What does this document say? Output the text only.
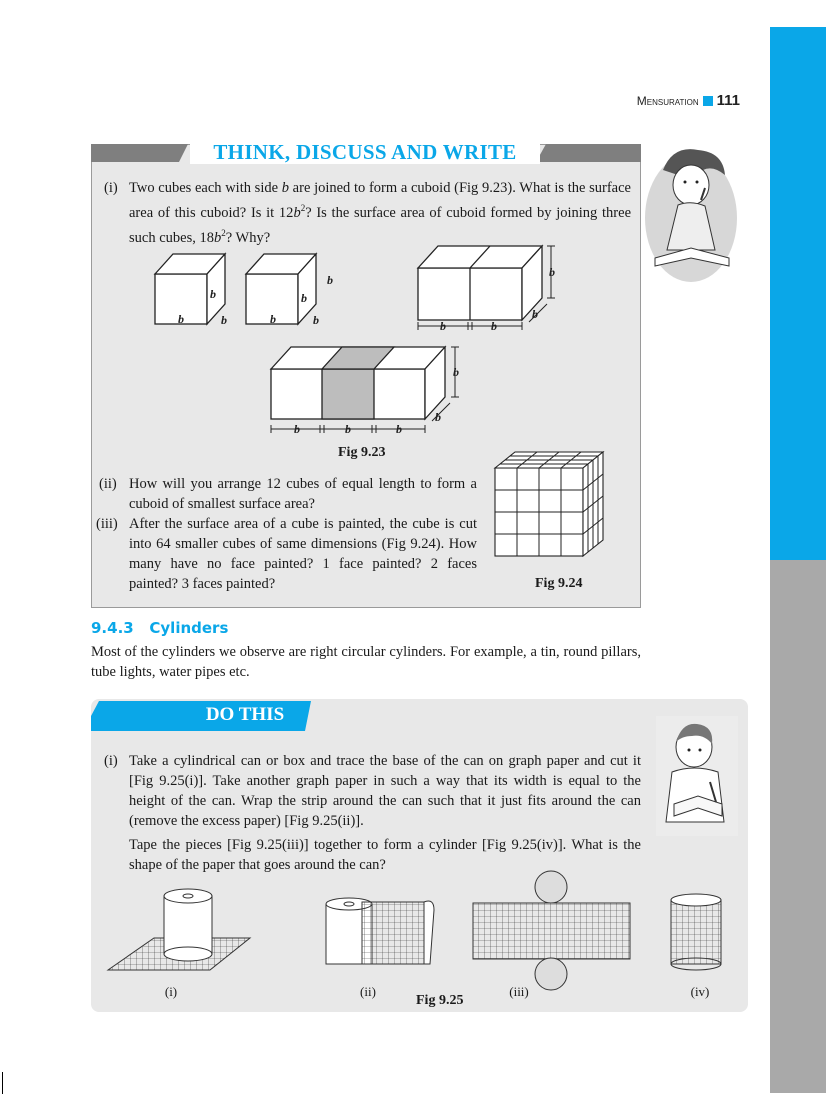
Mensuration 111
THINK, DISCUSS AND WRITE
(i) Two cubes each with side b are joined to form a cuboid (Fig 9.23). What is the surface area of this cuboid? Is it $12b^2$? Is the surface area of cuboid formed by joining three such cubes, $18b^2$? Why?
b
b
b	b
b
b
b	b	b
b
b
b	b	b
b
b
Fig 9.23
(ii) How will you arrange 12 cubes of equal length to form a cuboid of smallest surface area?
(iii) After the surface area of a cube is painted, the cube is cut into 64 smaller cubes of same dimensions (Fig 9.24). How many have no face painted? 1 face painted? 2 faces painted? 3 faces painted?	Fig 9.24
9.4.3 Cylinders
Most of the cylinders we observe are right circular cylinders. For example, a tin, round pillars, tube lights, water pipes etc.
DO THIS
(i) Take a cylindrical can or box and trace the base of the can on graph paper and cut it [Fig 9.25(i)]. Take another graph paper in such a way that its width is equal to the height of the can. Wrap the strip around the can such that it just fits around the can (remove the excess paper) [Fig 9.25(ii)].
Tape the pieces [Fig 9.25(iii)] together to form a cylinder [Fig 9.25(iv)]. What is the shape of the paper that goes around the can?
(i)	(ii)	(iii)	(iv)
Fig 9.25
